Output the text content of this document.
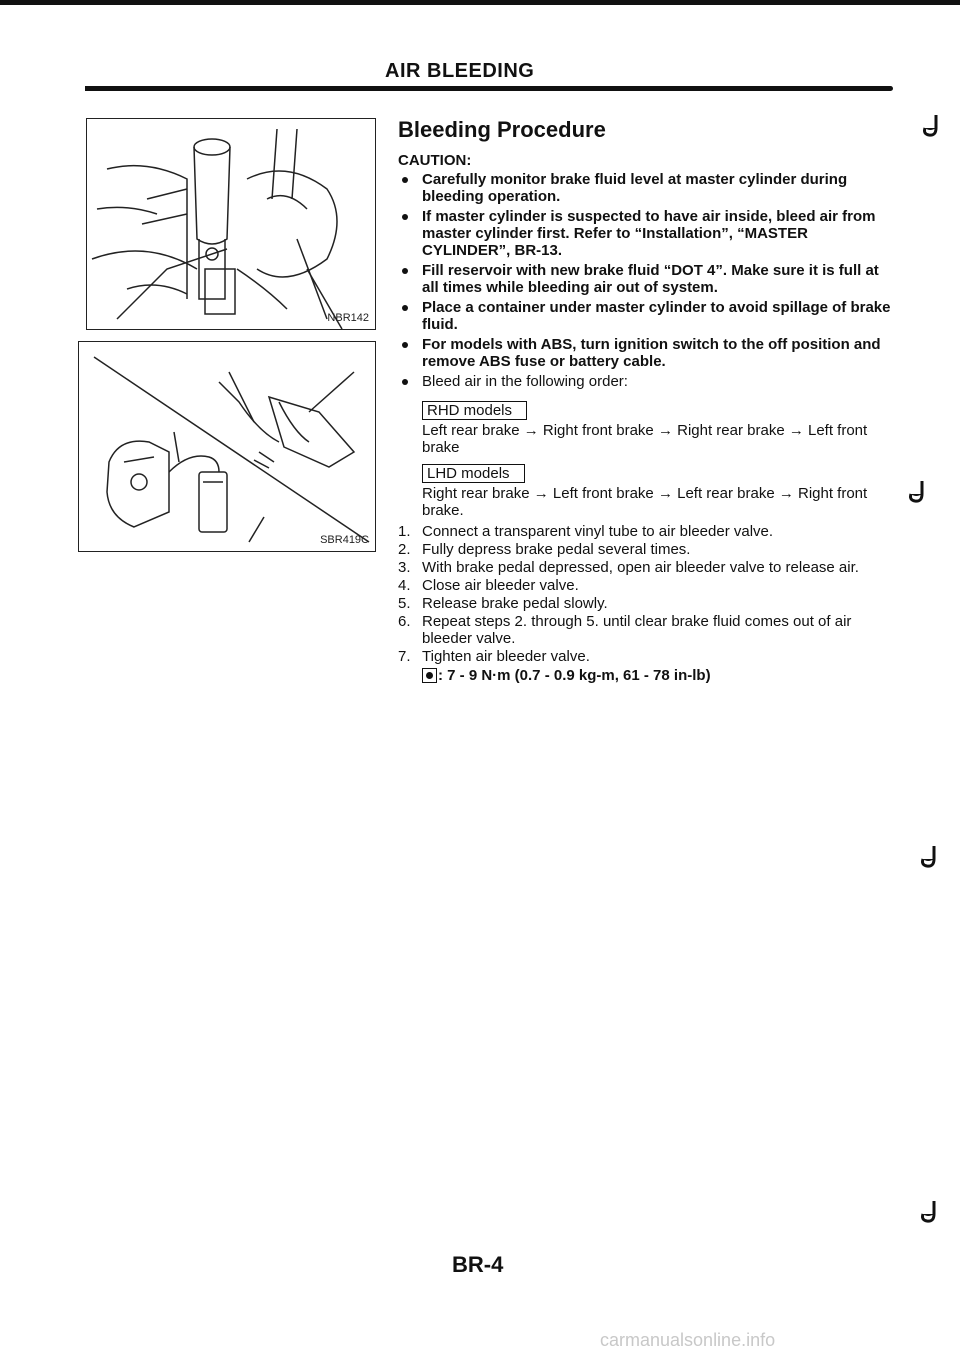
AIR BLEEDING
NBR142
SBR419C
Bleeding Procedure
CAUTION:
Carefully monitor brake fluid level at master cylinder during bleeding operation.
If master cylinder is suspected to have air inside, bleed air from master cylinder first. Refer to “Installation”, “MASTER CYLINDER”, BR-13.
Fill reservoir with new brake fluid “DOT 4”. Make sure it is full at all times while bleeding air out of system.
Place a container under master cylinder to avoid spillage of brake fluid.
For models with ABS, turn ignition switch to the off position and remove ABS fuse or battery cable.
Bleed air in the following order:
RHD models
Left rear brake → Right front brake → Right rear brake → Left front brake
LHD models
Right rear brake → Left front brake → Left rear brake → Right front brake.
1. Connect a transparent vinyl tube to air bleeder valve.
2. Fully depress brake pedal several times.
3. With brake pedal depressed, open air bleeder valve to release air.
4. Close air bleeder valve.
5. Release brake pedal slowly.
6. Repeat steps 2. through 5. until clear brake fluid comes out of air bleeder valve.
7. Tighten air bleeder valve.
: 7 - 9 N·m (0.7 - 0.9 kg-m, 61 - 78 in-lb)
BR-4
carmanualsonline.info
